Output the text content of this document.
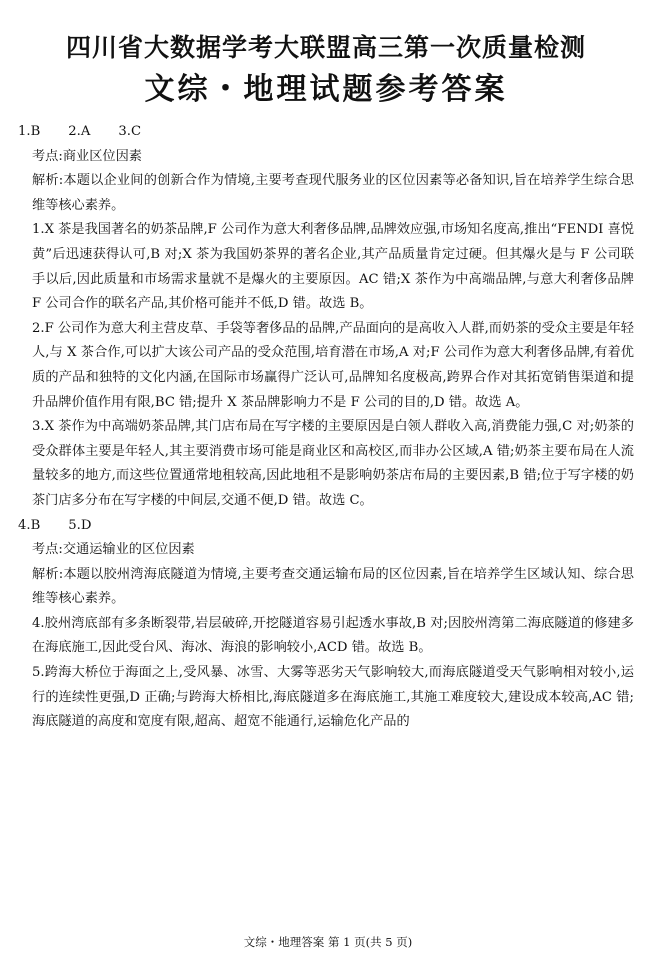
四川省大数据学考大联盟高三第一次质量检测
文综・地理试题参考答案
1.B 2.A 3.C
考点:商业区位因素
解析:本题以企业间的创新合作为情境,主要考查现代服务业的区位因素等必备知识,旨在培养学生综合思维等核心素养。
1.X 茶是我国著名的奶茶品牌,F 公司作为意大利奢侈品牌,品牌效应强,市场知名度高,推出“FENDI 喜悦黄”后迅速获得认可,B 对;X 茶为我国奶茶界的著名企业,其产品质量肯定过硬。但其爆火是与 F 公司联手以后,因此质量和市场需求量就不是爆火的主要原因。AC 错;X 茶作为中高端品牌,与意大利奢侈品牌 F 公司合作的联名产品,其价格可能并不低,D 错。故选 B。
2.F 公司作为意大利主营皮草、手袋等奢侈品的品牌,产品面向的是高收入人群,而奶茶的受众主要是年轻人,与 X 茶合作,可以扩大该公司产品的受众范围,培育潜在市场,A 对;F 公司作为意大利奢侈品牌,有着优质的产品和独特的文化内涵,在国际市场赢得广泛认可,品牌知名度极高,跨界合作对其拓宽销售渠道和提升品牌价值作用有限,BC 错;提升 X 茶品牌影响力不是 F 公司的目的,D 错。故选 A。
3.X 茶作为中高端奶茶品牌,其门店布局在写字楼的主要原因是白领人群收入高,消费能力强,C 对;奶茶的受众群体主要是年轻人,其主要消费市场可能是商业区和高校区,而非办公区域,A 错;奶茶主要布局在人流量较多的地方,而这些位置通常地租较高,因此地租不是影响奶茶店布局的主要因素,B 错;位于写字楼的奶茶门店多分布在写字楼的中间层,交通不便,D 错。故选 C。
4.B 5.D
考点:交通运输业的区位因素
解析:本题以胶州湾海底隧道为情境,主要考查交通运输布局的区位因素,旨在培养学生区域认知、综合思维等核心素养。
4.胶州湾底部有多条断裂带,岩层破碎,开挖隧道容易引起透水事故,B 对;因胶州湾第二海底隧道的修建多在海底施工,因此受台风、海冰、海浪的影响较小,ACD 错。故选 B。
5.跨海大桥位于海面之上,受风暴、冰雪、大雾等恶劣天气影响较大,而海底隧道受天气影响相对较小,运行的连续性更强,D 正确;与跨海大桥相比,海底隧道多在海底施工,其施工难度较大,建设成本较高,AC 错;海底隧道的高度和宽度有限,超高、超宽不能通行,运输危化产品的
文综・地理答案 第 1 页(共 5 页)
